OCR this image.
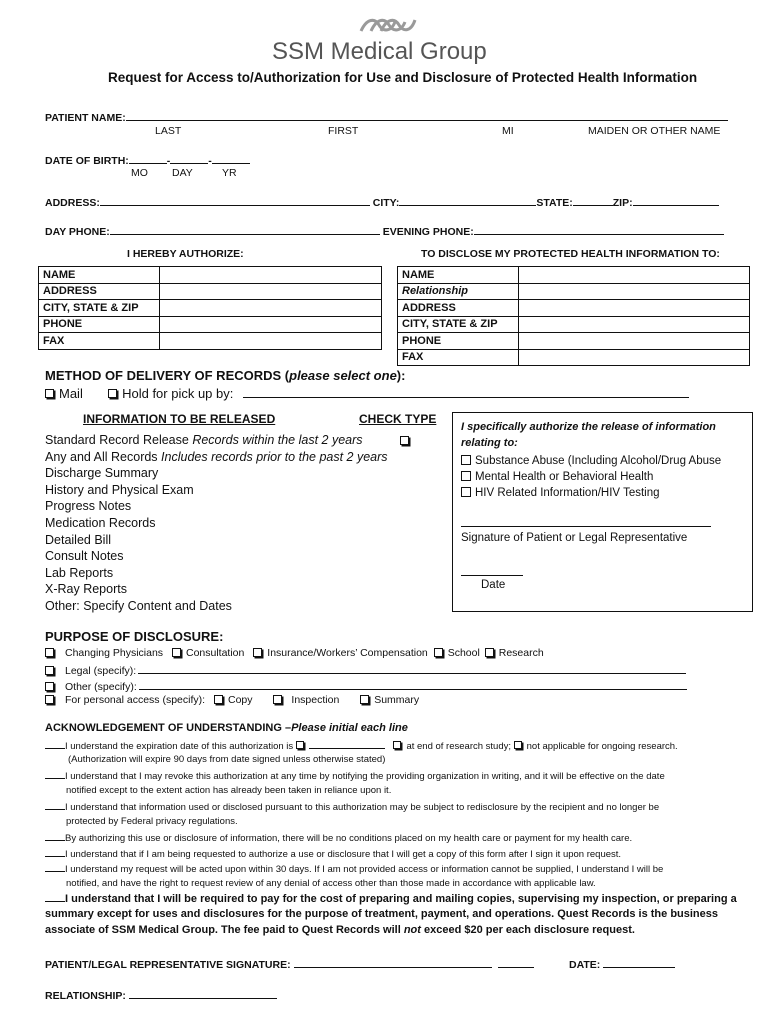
SSM Medical Group
Request for Access to/Authorization for Use and Disclosure of Protected Health Information
PATIENT NAME:
LAST	FIRST	MI	MAIDEN OR OTHER NAME
DATE OF BIRTH:	-	-
MO DAY	YR
ADDRESS:	CITY:	STATE:	ZIP:
DAY PHONE:	EVENING PHONE:
I HEREBY AUTHORIZE:	TO DISCLOSE MY PROTECTED HEALTH INFORMATION TO:
NAME	
ADDRESS	
CITY, STATE & ZIP	
PHONE	
FAX	
NAME	
Relationship	
ADDRESS	
CITY, STATE & ZIP	
PHONE	
FAX	
METHOD OF DELIVERY OF RECORDS (please select one):
Mail	Hold for pick up by:
INFORMATION TO BE RELEASED	CHECK TYPE
Standard Record Release Records within the last 2 years
Any and All Records Includes records prior to the past 2 years
Discharge Summary
History and Physical Exam
Progress Notes
Medication Records
Detailed Bill
Consult Notes
Lab Reports
X-Ray Reports
Other: Specify Content and Dates
I specifically authorize the release of information
relating to:
Substance Abuse (Including Alcohol/Drug Abuse
Mental Health or Behavioral Health
HIV Related Information/HIV Testing
Signature of Patient or Legal Representative
Date
PURPOSE OF DISCLOSURE:
Changing Physicians Consultation Insurance/Workers’ Compensation School Research
Legal (specify):
Other (specify):
For personal access (specify): Copy	Inspection	Summary
ACKNOWLEDGEMENT OF UNDERSTANDING –Please initial each line
I understand the expiration date of this authorization is	at end of research study; not applicable for ongoing research.
(Authorization will expire 90 days from date signed unless otherwise stated)
I understand that I may revoke this authorization at any time by notifying the providing organization in writing, and it will be effective on the date
notified except to the extent action has already been taken in reliance upon it.
I understand that information used or disclosed pursuant to this authorization may be subject to redisclosure by the recipient and no longer be
protected by Federal privacy regulations.
By authorizing this use or disclosure of information, there will be no conditions placed on my health care or payment for my health care.
I understand that if I am being requested to authorize a use or disclosure that I will get a copy of this form after I sign it upon request.
I understand my request will be acted upon within 30 days. If I am not provided access or information cannot be supplied, I understand I will be
notified, and have the right to request review of any denial of access other than those made in accordance with applicable law.
I understand that I will be required to pay for the cost of preparing and mailing copies, supervising my inspection, or preparing a
summary except for uses and disclosures for the purpose of treatment, payment, and operations. Quest Records is the business
associate of SSM Medical Group. The fee paid to Quest Records will not exceed $20 per each disclosure request.
PATIENT/LEGAL REPRESENTATIVE SIGNATURE:	DATE:
RELATIONSHIP:
